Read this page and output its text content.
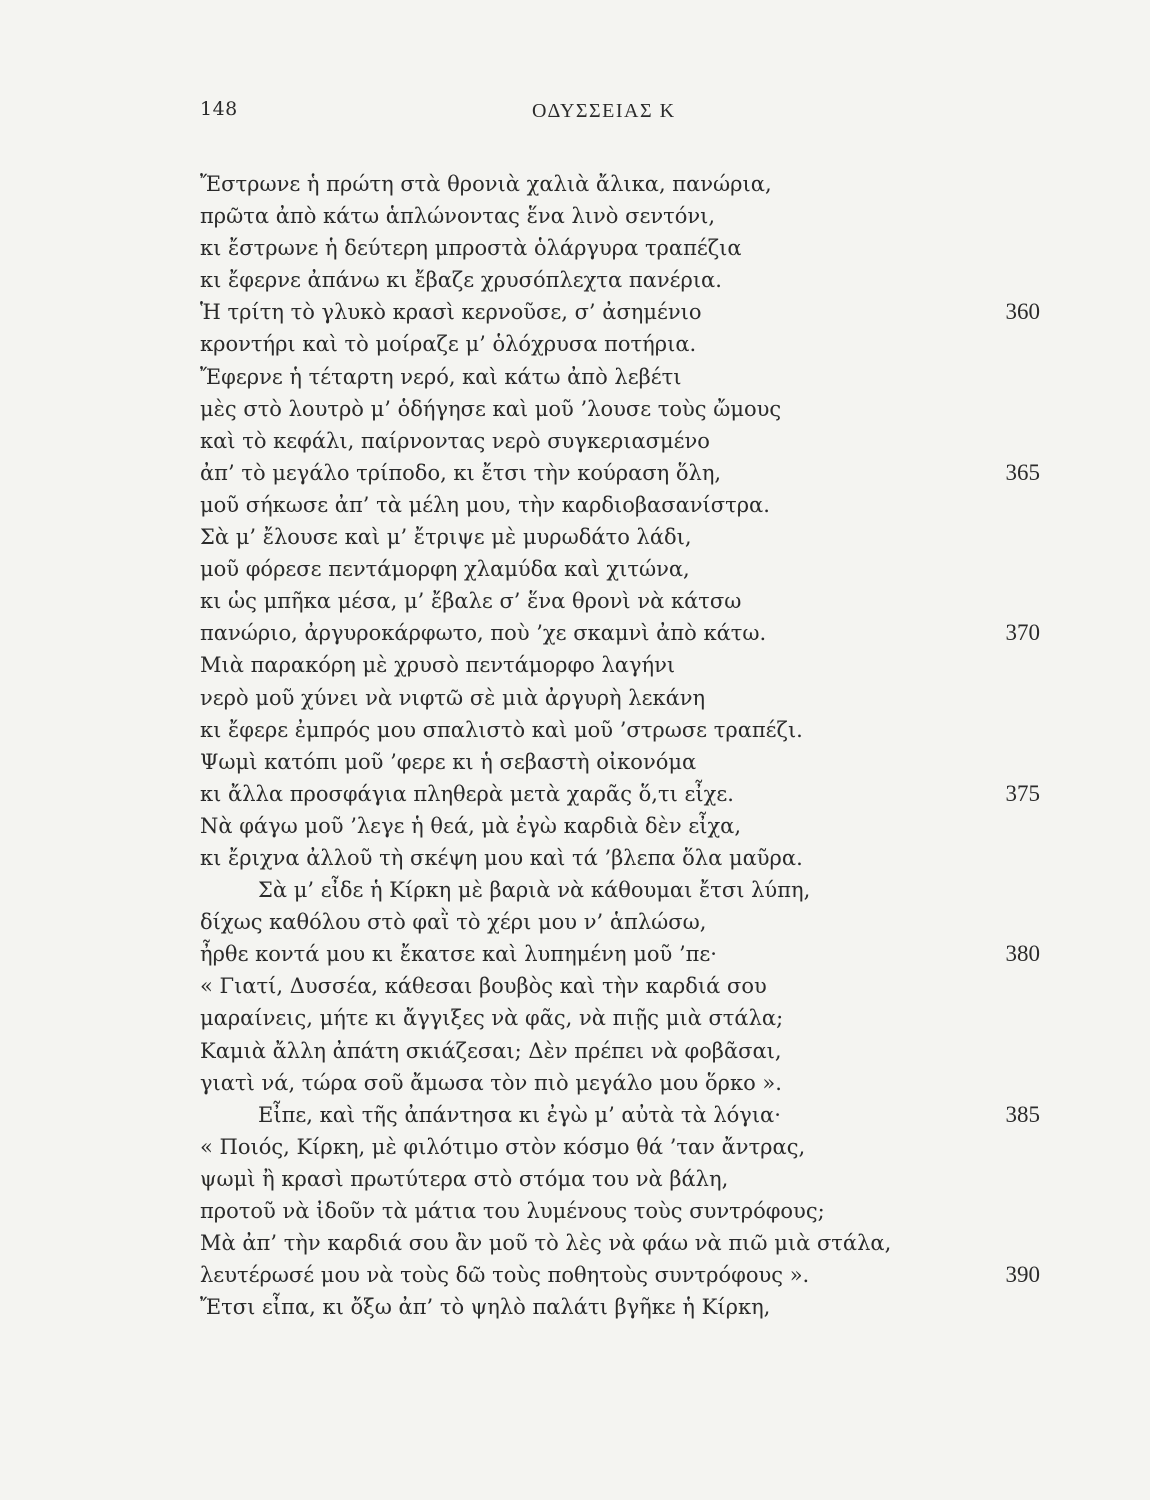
148	ΟΔΥΣΣΕΙΑΣ Κ
Ἔστρωνε ἡ πρώτη στὰ θρονιὰ χαλιὰ ἄλικα, πανώρια,
πρῶτα ἀπὸ κάτω ἁπλώνοντας ἕνα λινὸ σεντόνι,
κι ἔστρωνε ἡ δεύτερη μπροστὰ ὁλάργυρα τραπέζια
κι ἔφερνε ἀπάνω κι ἔβαζε χρυσόπλεχτα πανέρια.
Ἡ τρίτη τὸ γλυκὸ κρασὶ κερνοῦσε, σ’ ἀσημένιο	360
κροντήρι καὶ τὸ μοίραζε μ’ ὁλόχρυσα ποτήρια.
Ἔφερνε ἡ τέταρτη νερό, καὶ κάτω ἀπὸ λεβέτι
μὲς στὸ λουτρὸ μ’ ὁδήγησε καὶ μοῦ ’λουσε τοὺς ὤμους
καὶ τὸ κεφάλι, παίρνοντας νερὸ συγκεριασμένο
ἀπ’ τὸ μεγάλο τρίποδο, κι ἔτσι τὴν κούραση ὅλη,	365
μοῦ σήκωσε ἀπ’ τὰ μέλη μου, τὴν καρδιοβασανίστρα.
Σὰ μ’ ἔλουσε καὶ μ’ ἔτριψε μὲ μυρωδάτο λάδι,
μοῦ φόρεσε πεντάμορφη χλαμύδα καὶ χιτώνα,
κι ὡς μπῆκα μέσα, μ’ ἔβαλε σ’ ἕνα θρονὶ νὰ κάτσω
πανώριο, ἀργυροκάρφωτο, ποὺ ’χε σκαμνὶ ἀπὸ κάτω.	370
Μιὰ παρακόρη μὲ χρυσὸ πεντάμορφο λαγήνι
νερὸ μοῦ χύνει νὰ νιφτῶ σὲ μιὰ ἀργυρὴ λεκάνη
κι ἔφερε ἐμπρός μου σπαλιστὸ καὶ μοῦ ’στρωσε τραπέζι.
Ψωμὶ κατόπι μοῦ ’φερε κι ἡ σεβαστὴ οἰκονόμα
κι ἄλλα προσφάγια πληθερὰ μετὰ χαρᾶς ὅ,τι εἶχε.	375
Νὰ φάγω μοῦ ’λεγε ἡ θεά, μὰ ἐγὼ καρδιὰ δὲν εἶχα,
κι ἔριχνα ἀλλοῦ τὴ σκέψη μου καὶ τά ’βλεπα ὅλα μαῦρα.
Σὰ μ’ εἶδε ἡ Κίρκη μὲ βαριὰ νὰ κάθουμαι ἔτσι λύπη,
δίχως καθόλου στὸ φαῒ τὸ χέρι μου ν’ ἁπλώσω,
ἦρθε κοντά μου κι ἔκατσε καὶ λυπημένη μοῦ ’πε·	380
« Γιατί, Δυσσέα, κάθεσαι βουβὸς καὶ τὴν καρδιά σου
μαραίνεις, μήτε κι ἄγγιξες νὰ φᾶς, νὰ πιῇς μιὰ στάλα;
Καμιὰ ἄλλη ἀπάτη σκιάζεσαι; Δὲν πρέπει νὰ φοβᾶσαι,
γιατὶ νά, τώρα σοῦ ἄμωσα τὸν πιὸ μεγάλο μου ὅρκο ».
Εἶπε, καὶ τῆς ἀπάντησα κι ἐγὼ μ’ αὐτὰ τὰ λόγια·	385
« Ποιός, Κίρκη, μὲ φιλότιμο στὸν κόσμο θά ’ταν ἄντρας,
ψωμὶ ἢ κρασὶ πρωτύτερα στὸ στόμα του νὰ βάλη,
προτοῦ νὰ ἰδοῦν τὰ μάτια του λυμένους τοὺς συντρόφους;
Μὰ ἀπ’ τὴν καρδιά σου ἂν μοῦ τὸ λὲς νὰ φάω νὰ πιῶ μιὰ στάλα,
λευτέρωσέ μου νὰ τοὺς δῶ τοὺς ποθητοὺς συντρόφους ».	390
Ἔτσι εἶπα, κι ὄξω ἀπ’ τὸ ψηλὸ παλάτι βγῆκε ἡ Κίρκη,
